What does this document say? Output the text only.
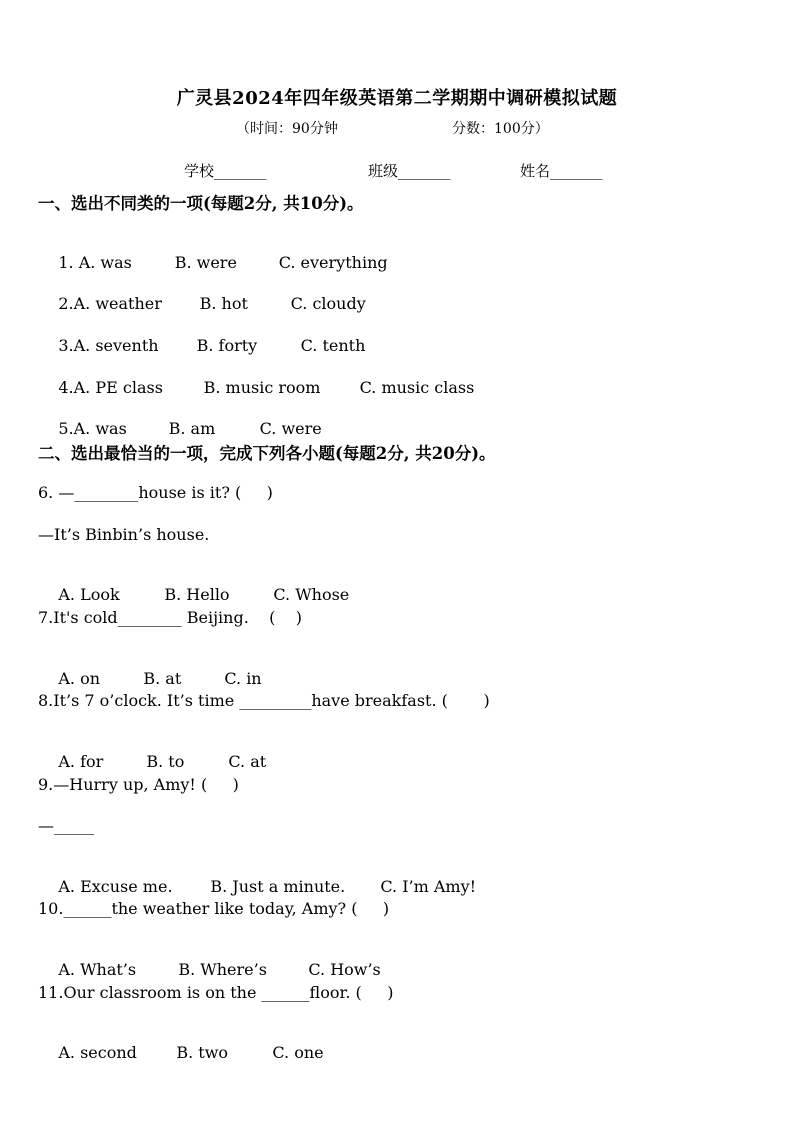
广灵县2024年四年级英语第二学期期中调研模拟试题
（时间：90分钟	分数：100分）
学校_______	班级_______	姓名_______
一、选出不同类的一项(每题2分, 共10分)。

1. A. was	B. were	C. everything

2.A. weather B. hot	C. cloudy

3.A. seventh B. forty	C. tenth

4.A. PE class	B. music room C. music class

5.A. was	B. am	C. were

二、选出最恰当的一项，完成下列各小题(每题2分, 共20分)。
6. —________house is it? (     )
—It’s Binbin’s house.

A. Look	B. Hello	C. Whose

7.It's cold________ Beijing.    (    )

A. on	B. at	C. in

8.It’s 7 o’clock. It’s time _________have breakfast. (       )

A. for	B. to	C. at

9.—Hurry up, Amy! (     )
—_____

A. Excuse me. B. Just a minute. C. I’m Amy!

10.______the weather like today, Amy? (     )

A. What’s	B. Where’s	C. How’s

11.Our classroom is on the ______floor. (     )

A. second B. two	C. one
